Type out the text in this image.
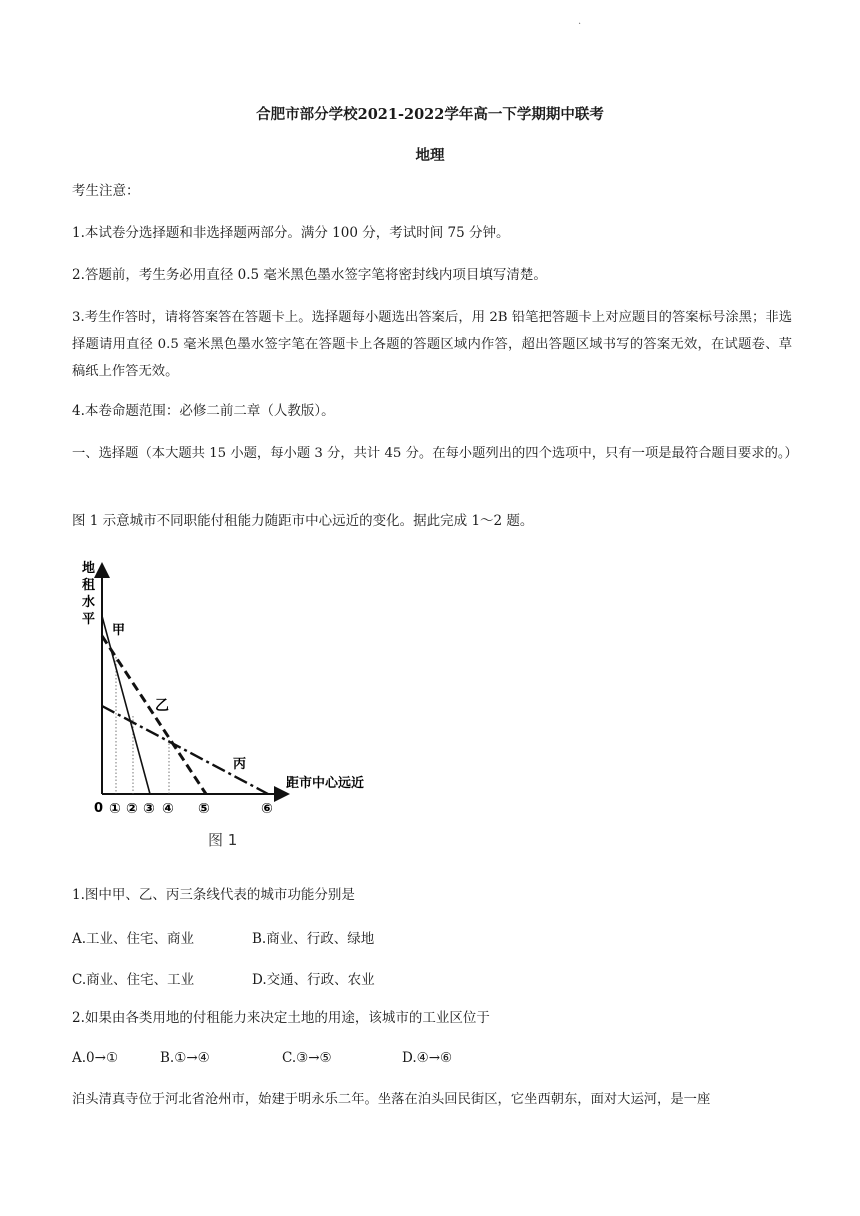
.
合肥市部分学校2021-2022学年高一下学期期中联考
地理
考生注意：
1.本试卷分选择题和非选择题两部分。满分 100 分，考试时间 75 分钟。
2.答题前，考生务必用直径 0.5 毫米黑色墨水签字笔将密封线内项目填写清楚。
3.考生作答时，请将答案答在答题卡上。选择题每小题选出答案后，用 2B 铅笔把答题卡上对应题目的答案标号涂黑；非选择题请用直径 0.5 毫米黑色墨水签字笔在答题卡上各题的答题区域内作答，超出答题区域书写的答案无效，在试题卷、草稿纸上作答无效。
4.本卷命题范围：必修二前二章（人教版）。
一、选择题（本大题共 15 小题，每小题 3 分，共计 45 分。在每小题列出的四个选项中，只有一项是最符合题目要求的。）
图 1 示意城市不同职能付租能力随距市中心远近的变化。据此完成 1～2 题。
地
租
水
平
距市中心远近
甲
乙
丙
0 ① ② ③ ④ ⑤	⑥
图 1
1.图中甲、乙、丙三条线代表的城市功能分别是
A.工业、住宅、商业	B.商业、行政、绿地
C.商业、住宅、工业	D.交通、行政、农业
2.如果由各类用地的付租能力来决定土地的用途，该城市的工业区位于
A.0→①	B.①→④	C.③→⑤	D.④→⑥
泊头清真寺位于河北省沧州市，始建于明永乐二年。坐落在泊头回民街区，它坐西朝东，面对大运河，是一座
